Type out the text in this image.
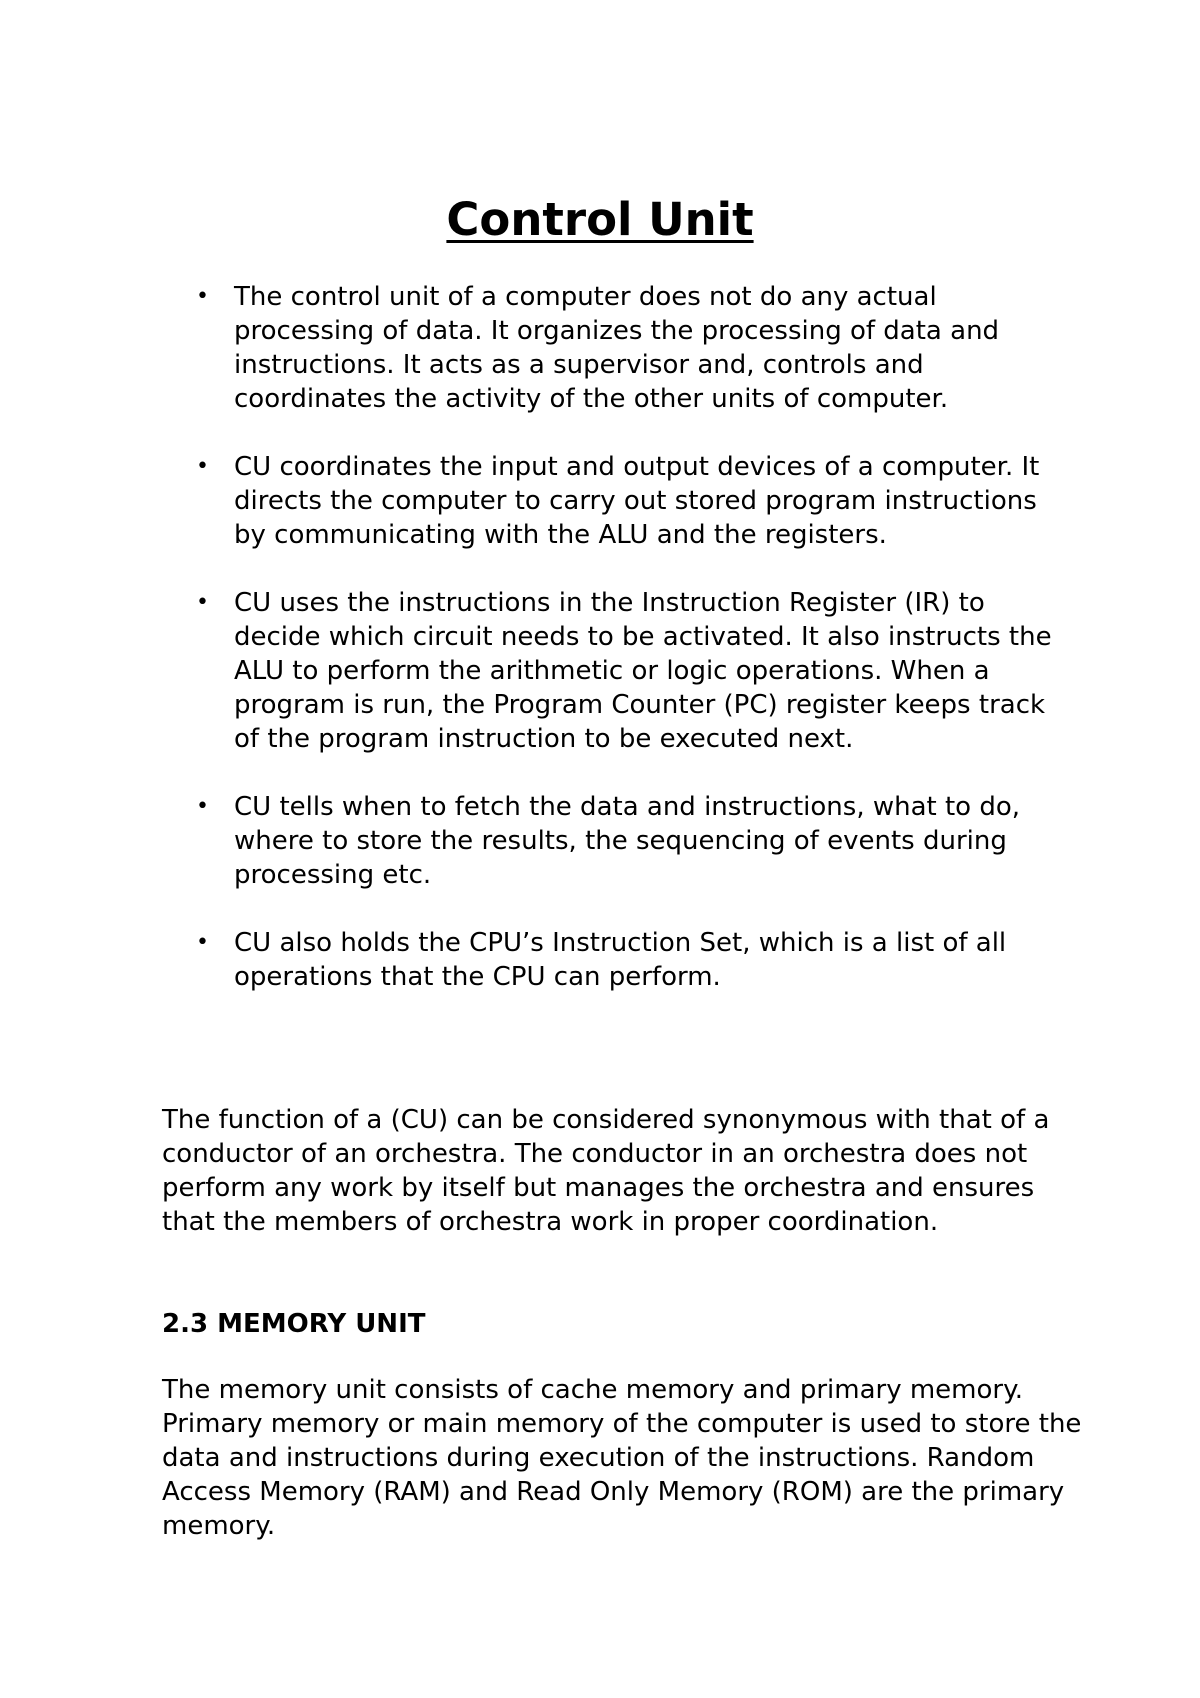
Control Unit
• The control unit of a computer does not do any actual processing of data. It organizes the processing of data and instructions. It acts as a supervisor and, controls and coordinates the activity of the other units of computer.
• CU coordinates the input and output devices of a computer. It directs the computer to carry out stored program instructions by communicating with the ALU and the registers.
• CU uses the instructions in the Instruction Register (IR) to decide which circuit needs to be activated. It also instructs the ALU to perform the arithmetic or logic operations. When a program is run, the Program Counter (PC) register keeps track of the program instruction to be executed next.
• CU tells when to fetch the data and instructions, what to do, where to store the results, the sequencing of events during processing etc.
• CU also holds the CPU’s Instruction Set, which is a list of all operations that the CPU can perform.

The function of a (CU) can be considered synonymous with that of a conductor of an orchestra. The conductor in an orchestra does not perform any work by itself but manages the orchestra and ensures that the members of orchestra work in proper coordination.

2.3 MEMORY UNIT

The memory unit consists of cache memory and primary memory. Primary memory or main memory of the computer is used to store the data and instructions during execution of the instructions. Random Access Memory (RAM) and Read Only Memory (ROM) are the primary memory.
